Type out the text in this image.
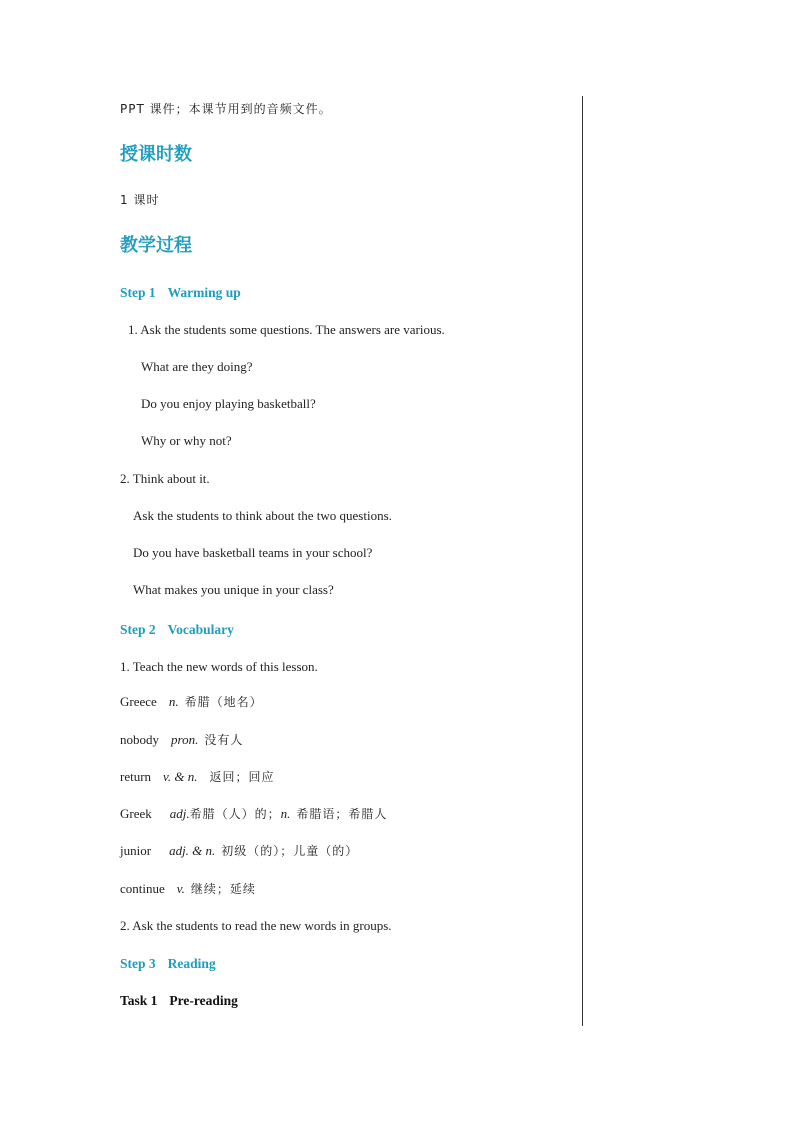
PPT 课件；本课节用到的音频文件。
授课时数
1 课时
教学过程
Step 1 Warming up
1. Ask the students some questions. The answers are various.
What are they doing?
Do you enjoy playing basketball?
Why or why not?
2. Think about it.
Ask the students to think about the two questions.
Do you have basketball teams in your school?
What makes you unique in your class?
Step 2 Vocabulary
1. Teach the new words of this lesson.
Greece n. 希腊（地名）
nobody pron. 没有人
return v. & n. 返回；回应
Greek adj.希腊（人）的；n. 希腊语；希腊人
junior adj. & n. 初级（的）；儿童（的）
continue v. 继续；延续
2. Ask the students to read the new words in groups.
Step 3 Reading
Task 1 Pre-reading
